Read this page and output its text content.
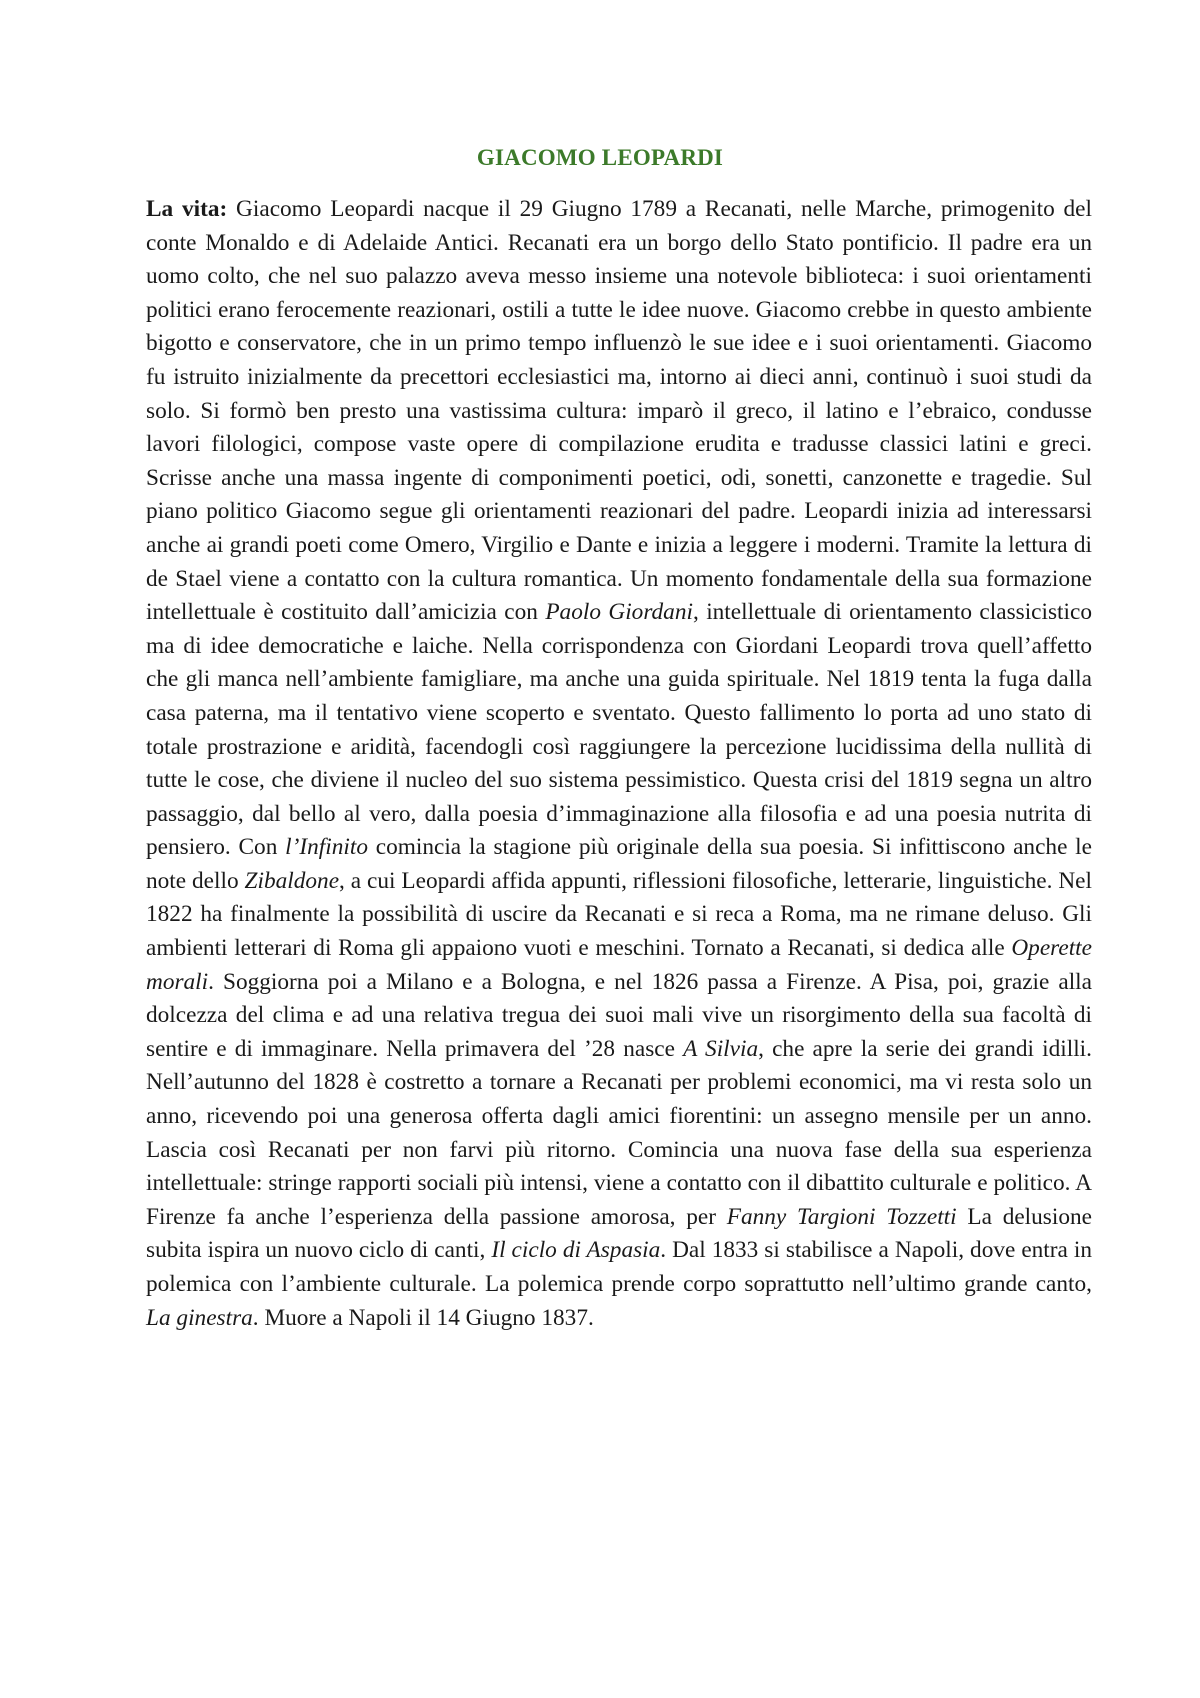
GIACOMO LEOPARDI

La vita: Giacomo Leopardi nacque il 29 Giugno 1789 a Recanati, nelle Marche, primogenito del conte Monaldo e di Adelaide Antici. Recanati era un borgo dello Stato pontificio. Il padre era un uomo colto, che nel suo palazzo aveva messo insieme una notevole biblioteca: i suoi orientamenti politici erano ferocemente reazionari, ostili a tutte le idee nuove. Giacomo crebbe in questo ambiente bigotto e conservatore, che in un primo tempo influenzò le sue idee e i suoi orientamenti. Giacomo fu istruito inizialmente da precettori ecclesiastici ma, intorno ai dieci anni, continuò i suoi studi da solo. Si formò ben presto una vastissima cultura: imparò il greco, il latino e l’ebraico, condusse lavori filologici, compose vaste opere di compilazione erudita e tradusse classici latini e greci. Scrisse anche una massa ingente di componimenti poetici, odi, sonetti, canzonette e tragedie. Sul piano politico Giacomo segue gli orientamenti reazionari del padre. Leopardi inizia ad interessarsi anche ai grandi poeti come Omero, Virgilio e Dante e inizia a leggere i moderni. Tramite la lettura di de Stael viene a contatto con la cultura romantica. Un momento fondamentale della sua formazione intellettuale è costituito dall’amicizia con Paolo Giordani, intellettuale di orientamento classicistico ma di idee democratiche e laiche. Nella corrispondenza con Giordani Leopardi trova quell’affetto che gli manca nell’ambiente famigliare, ma anche una guida spirituale. Nel 1819 tenta la fuga dalla casa paterna, ma il tentativo viene scoperto e sventato. Questo fallimento lo porta ad uno stato di totale prostrazione e aridità, facendogli così raggiungere la percezione lucidissima della nullità di tutte le cose, che diviene il nucleo del suo sistema pessimistico. Questa crisi del 1819 segna un altro passaggio, dal bello al vero, dalla poesia d’immaginazione alla filosofia e ad una poesia nutrita di pensiero. Con l’Infinito comincia la stagione più originale della sua poesia. Si infittiscono anche le note dello Zibaldone, a cui Leopardi affida appunti, riflessioni filosofiche, letterarie, linguistiche. Nel 1822 ha finalmente la possibilità di uscire da Recanati e si reca a Roma, ma ne rimane deluso. Gli ambienti letterari di Roma gli appaiono vuoti e meschini. Tornato a Recanati, si dedica alle Operette morali. Soggiorna poi a Milano e a Bologna, e nel 1826 passa a Firenze. A Pisa, poi, grazie alla dolcezza del clima e ad una relativa tregua dei suoi mali vive un risorgimento della sua facoltà di sentire e di immaginare. Nella primavera del ’28 nasce A Silvia, che apre la serie dei grandi idilli. Nell’autunno del 1828 è costretto a tornare a Recanati per problemi economici, ma vi resta solo un anno, ricevendo poi una generosa offerta dagli amici fiorentini: un assegno mensile per un anno. Lascia così Recanati per non farvi più ritorno. Comincia una nuova fase della sua esperienza intellettuale: stringe rapporti sociali più intensi, viene a contatto con il dibattito culturale e politico. A Firenze fa anche l’esperienza della passione amorosa, per Fanny Targioni Tozzetti La delusione subita ispira un nuovo ciclo di canti, Il ciclo di Aspasia. Dal 1833 si stabilisce a Napoli, dove entra in polemica con l’ambiente culturale. La polemica prende corpo soprattutto nell’ultimo grande canto, La ginestra. Muore a Napoli il 14 Giugno 1837.
